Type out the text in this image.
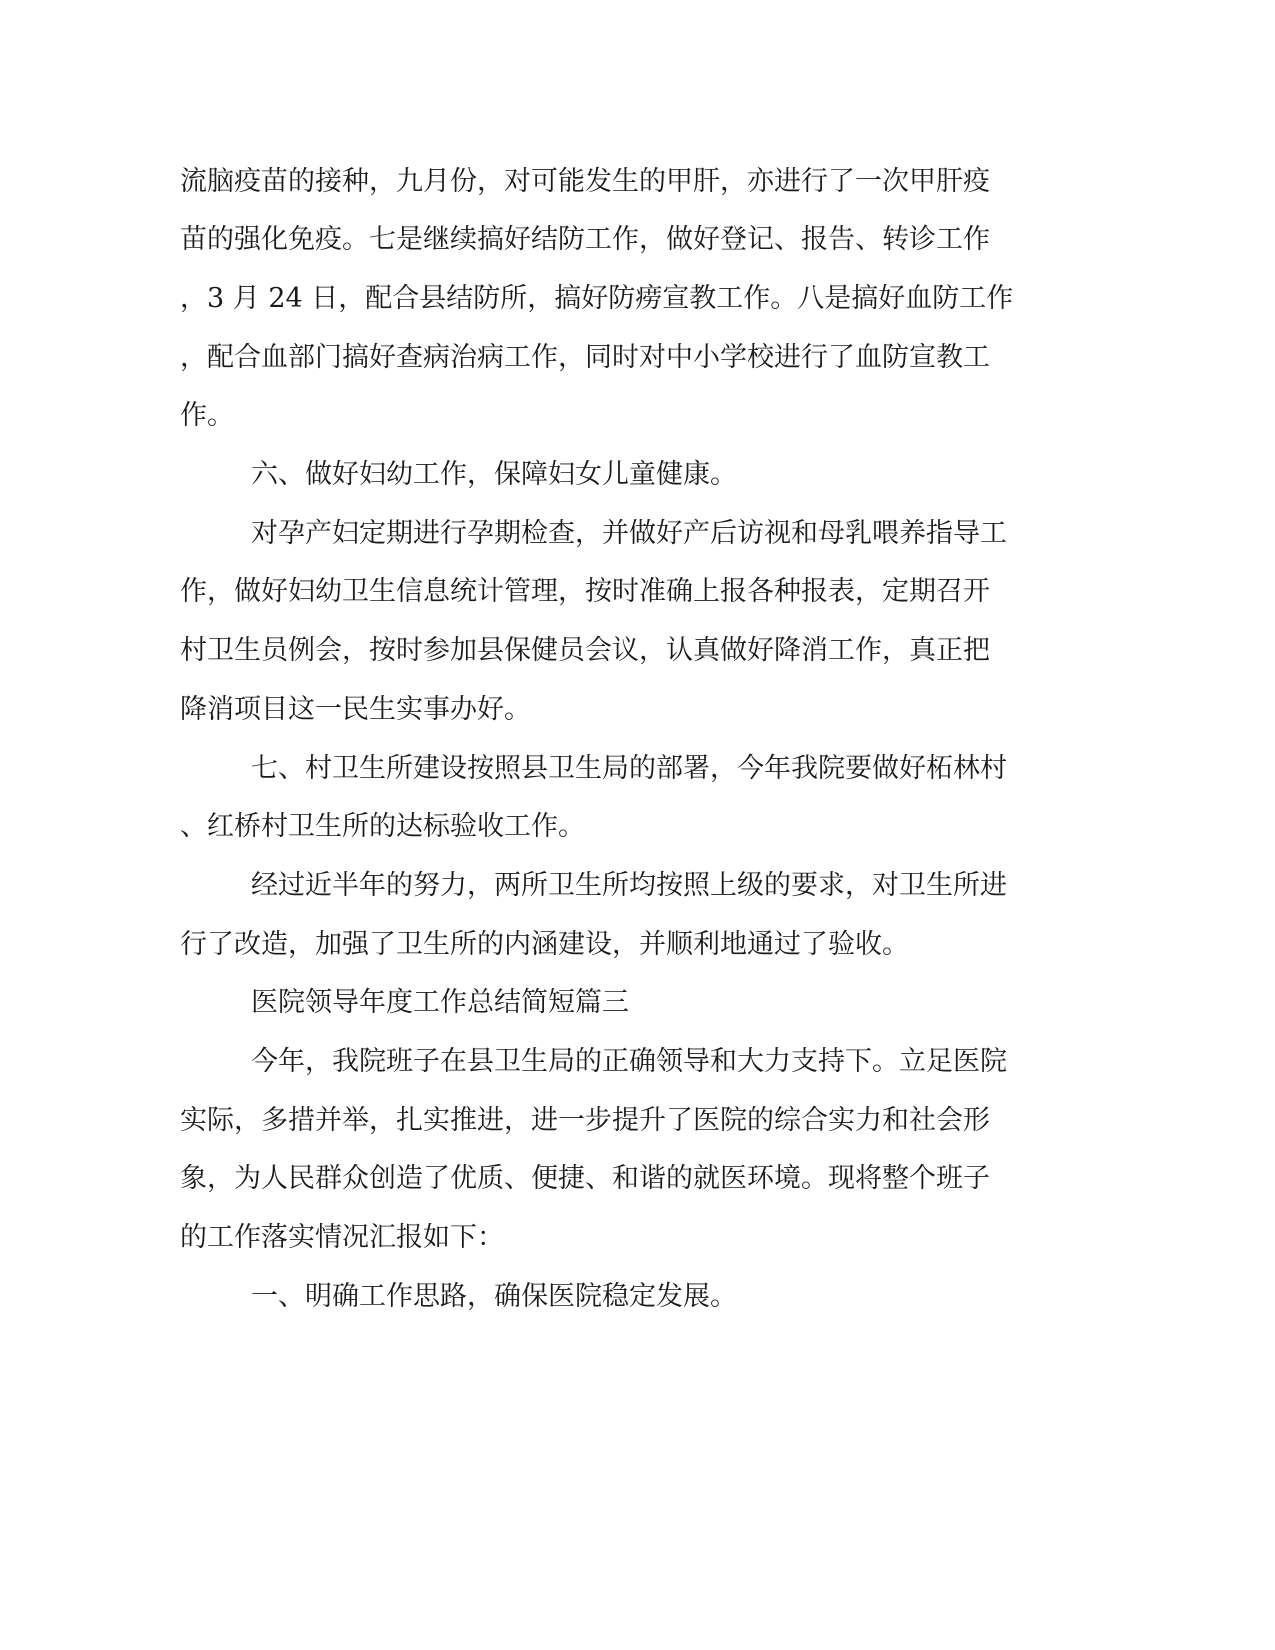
流脑疫苗的接种，九月份，对可能发生的甲肝，亦进行了一次甲肝疫
苗的强化免疫。七是继续搞好结防工作，做好登记、报告、转诊工作
，3 月 24 日，配合县结防所，搞好防痨宣教工作。八是搞好血防工作
，配合血部门搞好查病治病工作，同时对中小学校进行了血防宣教工
作。
六、做好妇幼工作，保障妇女儿童健康。
对孕产妇定期进行孕期检查，并做好产后访视和母乳喂养指导工
作，做好妇幼卫生信息统计管理，按时准确上报各种报表，定期召开
村卫生员例会，按时参加县保健员会议，认真做好降消工作，真正把
降消项目这一民生实事办好。
七、村卫生所建设按照县卫生局的部署，今年我院要做好柘林村
、红桥村卫生所的达标验收工作。
经过近半年的努力，两所卫生所均按照上级的要求，对卫生所进
行了改造，加强了卫生所的内涵建设，并顺利地通过了验收。
医院领导年度工作总结简短篇三
今年，我院班子在县卫生局的正确领导和大力支持下。立足医院
实际，多措并举，扎实推进，进一步提升了医院的综合实力和社会形
象，为人民群众创造了优质、便捷、和谐的就医环境。现将整个班子
的工作落实情况汇报如下：
一、明确工作思路，确保医院稳定发展。
